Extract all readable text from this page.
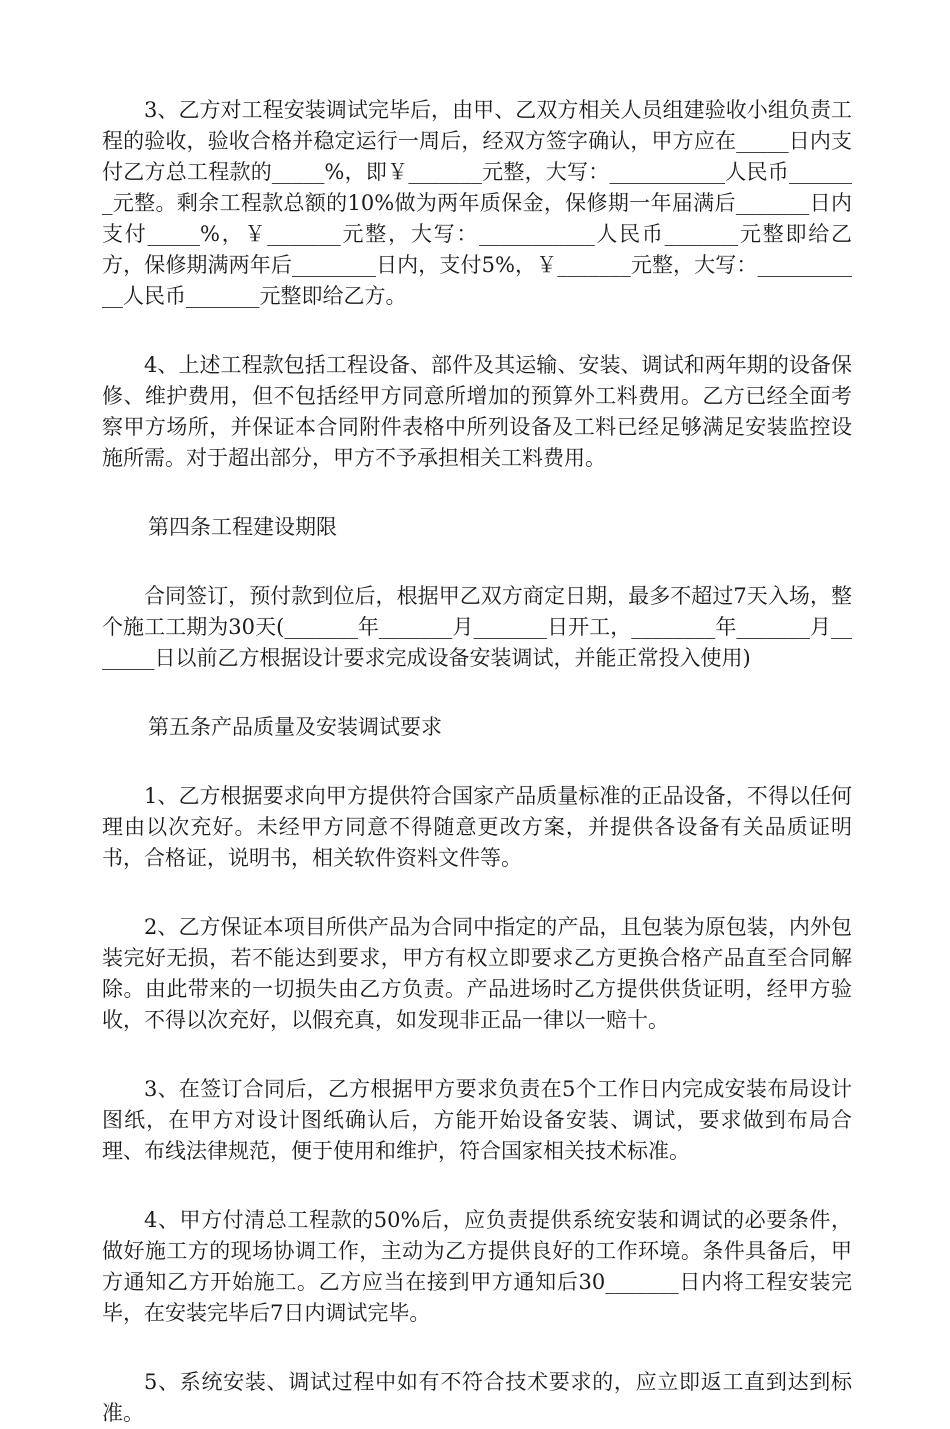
3、乙方对工程安装调试完毕后，由甲、乙双方相关人员组建验收小组负责工程的验收，验收合格并稳定运行一周后，经双方签字确认，甲方应在_____日内支付乙方总工程款的_____%，即￥_______元整，大写：___________人民币_______元整。剩余工程款总额的10%做为两年质保金，保修期一年届满后_______日内支付_____%，￥_______元整，大写：___________人民币_______元整即给乙方，保修期满两年后________日内，支付5%，￥_______元整，大写：___________人民币_______元整即给乙方。

4、上述工程款包括工程设备、部件及其运输、安装、调试和两年期的设备保修、维护费用，但不包括经甲方同意所增加的预算外工料费用。乙方已经全面考察甲方场所，并保证本合同附件表格中所列设备及工料已经足够满足安装监控设施所需。对于超出部分，甲方不予承担相关工料费用。

第四条工程建设期限

合同签订，预付款到位后，根据甲乙双方商定日期，最多不超过7天入场，整个施工工期为30天(_______年_______月_______日开工，________年_______月_______日以前乙方根据设计要求完成设备安装调试，并能正常投入使用)

第五条产品质量及安装调试要求

1、乙方根据要求向甲方提供符合国家产品质量标准的正品设备，不得以任何理由以次充好。未经甲方同意不得随意更改方案，并提供各设备有关品质证明书，合格证，说明书，相关软件资料文件等。

2、乙方保证本项目所供产品为合同中指定的产品，且包装为原包装，内外包装完好无损，若不能达到要求，甲方有权立即要求乙方更换合格产品直至合同解除。由此带来的一切损失由乙方负责。产品进场时乙方提供供货证明，经甲方验收，不得以次充好，以假充真，如发现非正品一律以一赔十。

3、在签订合同后，乙方根据甲方要求负责在5个工作日内完成安装布局设计图纸，在甲方对设计图纸确认后，方能开始设备安装、调试，要求做到布局合理、布线法律规范，便于使用和维护，符合国家相关技术标准。

4、甲方付清总工程款的50%后，应负责提供系统安装和调试的必要条件，做好施工方的现场协调工作，主动为乙方提供良好的工作环境。条件具备后，甲方通知乙方开始施工。乙方应当在接到甲方通知后30_______日内将工程安装完毕，在安装完毕后7日内调试完毕。

5、系统安装、调试过程中如有不符合技术要求的，应立即返工直到达到标准。
